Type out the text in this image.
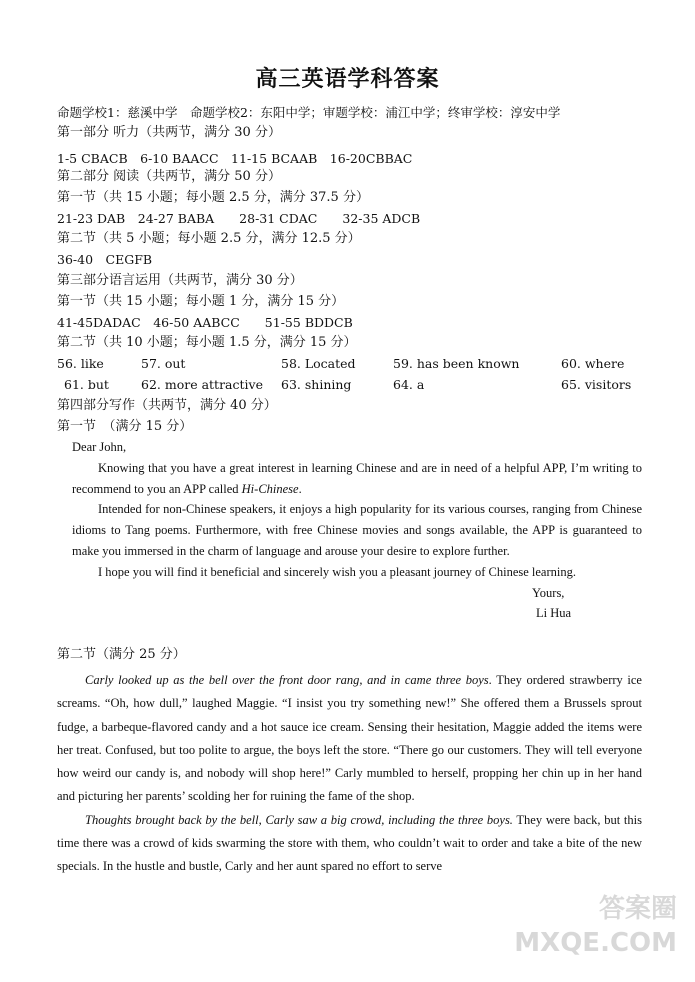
高三英语学科答案
命题学校1：慈溪中学　命题学校2：东阳中学；审题学校：浦江中学；终审学校：淳安中学
第一部分 听力（共两节，满分 30 分）
1-5 CBACB　6-10 BAACC　11-15 BCAAB　16-20CBBAC
第二部分 阅读（共两节，满分 50 分）
第一节（共 15 小题；每小题 2.5 分，满分 37.5 分）
21-23 DAB　24-27 BABA　　28-31 CDAC　　32-35 ADCB
第二节（共 5 小题；每小题 2.5 分，满分 12.5 分）
36-40　CEGFB
第三部分语言运用（共两节，满分 30 分）
第一节（共 15 小题；每小题 1 分，满分 15 分）
41-45DADAC　46-50 AABCC　　51-55 BDDCB
第二节（共 10 小题；每小题 1.5 分，满分 15 分）
56. like	57. out	58. Located	59. has been known	60. where
61. but	62. more attractive 63. shining	64. a	65. visitors
第四部分写作（共两节，满分 40 分）
第一节　（满分 15 分）
Dear John,

Knowing that you have a great interest in learning Chinese and are in need of a helpful APP, I’m writing to recommend to you an APP called Hi-Chinese.

Intended for non-Chinese speakers, it enjoys a high popularity for its various courses, ranging from Chinese idioms to Tang poems. Furthermore, with free Chinese movies and songs available, the APP is guaranteed to make you immersed in the charm of language and arouse your desire to explore further.

I hope you will find it beneficial and sincerely wish you a pleasant journey of Chinese learning.

Yours,
Li Hua
第二节（满分 25 分）

Carly looked up as the bell over the front door rang, and in came three boys. They ordered strawberry ice screams. “Oh, how dull,” laughed Maggie. “I insist you try something new!” She offered them a Brussels sprout fudge, a barbeque-flavored candy and a hot sauce ice cream. Sensing their hesitation, Maggie added the items were her treat. Confused, but too polite to argue, the boys left the store. “There go our customers. They will tell everyone how weird our candy is, and nobody will shop here!” Carly mumbled to herself, propping her chin up in her hand and picturing her parents’ scolding her for ruining the fame of the shop.

Thoughts brought back by the bell, Carly saw a big crowd, including the three boys. They were back, but this time there was a crowd of kids swarming the store with them, who couldn’t wait to order and take a bite of the new specials. In the hustle and bustle, Carly and her aunt spared no effort to serve

答案圈 MXQE.COM
